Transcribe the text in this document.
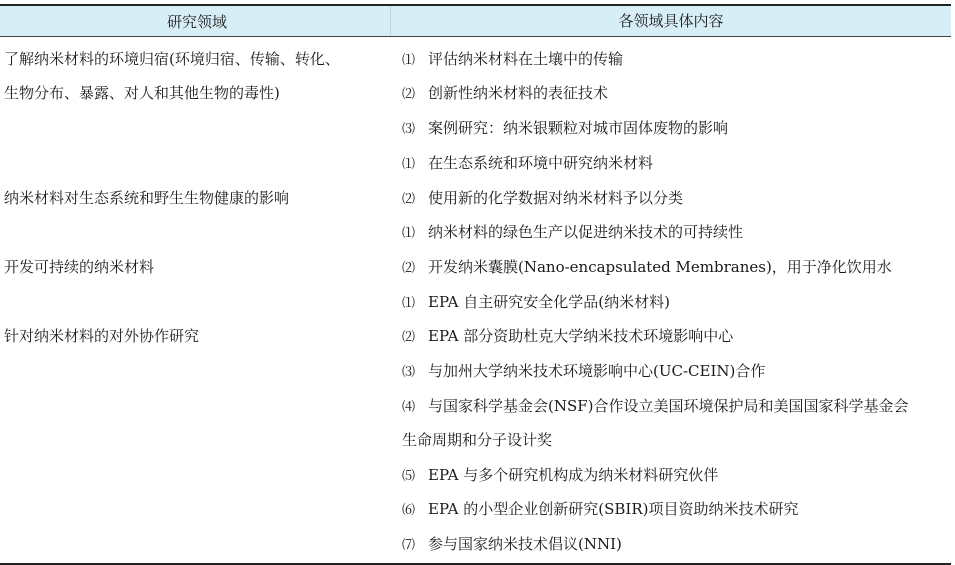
研究领域	各领域具体内容
了解纳米材料的环境归宿(环境归宿、传输、转化、
生物分布、暴露、对人和其他生物的毒性)
纳米材料对生态系统和野生生物健康的影响
开发可持续的纳米材料
针对纳米材料的对外协作研究
⑴ 评估纳米材料在土壤中的传输
⑵ 创新性纳米材料的表征技术
⑶ 案例研究：纳米银颗粒对城市固体废物的影响
⑴ 在生态系统和环境中研究纳米材料
⑵ 使用新的化学数据对纳米材料予以分类
⑴ 纳米材料的绿色生产以促进纳米技术的可持续性
⑵ 开发纳米囊膜(Nano-encapsulated Membranes)，用于净化饮用水
⑴ EPA 自主研究安全化学品(纳米材料)
⑵ EPA 部分资助杜克大学纳米技术环境影响中心
⑶ 与加州大学纳米技术环境影响中心(UC-CEIN)合作
⑷ 与国家科学基金会(NSF)合作设立美国环境保护局和美国国家科学基金会
生命周期和分子设计奖
⑸ EPA 与多个研究机构成为纳米材料研究伙伴
⑹ EPA 的小型企业创新研究(SBIR)项目资助纳米技术研究
⑺ 参与国家纳米技术倡议(NNI)
